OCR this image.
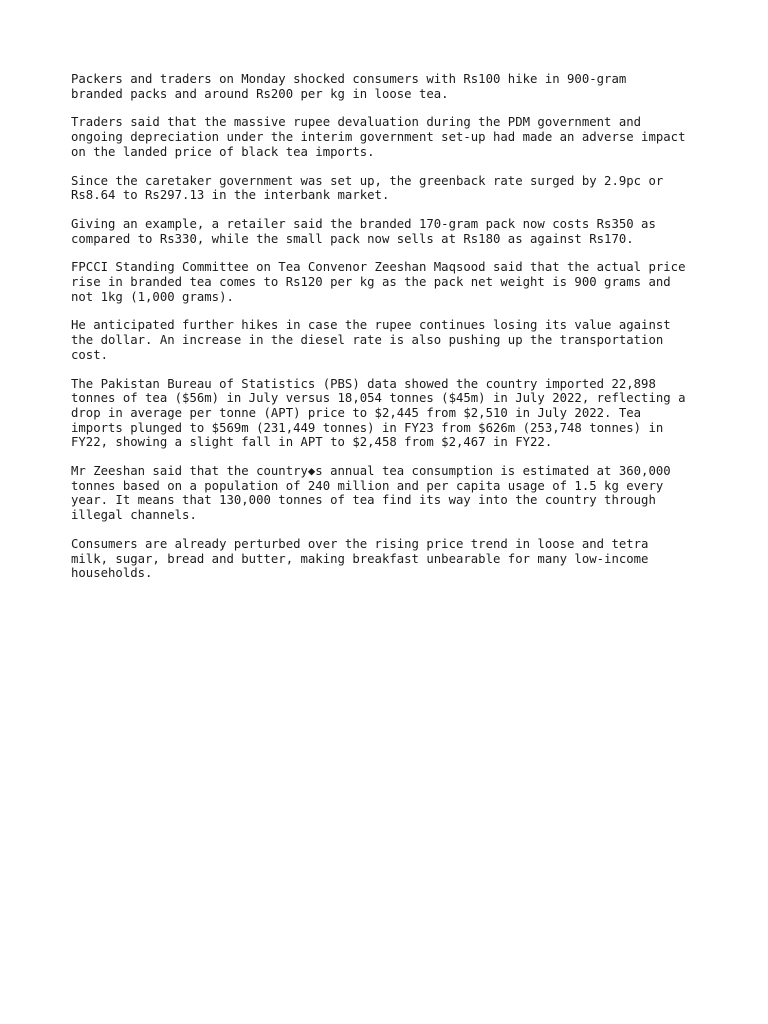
Packers and traders on Monday shocked consumers with Rs100 hike in 900-gram
branded packs and around Rs200 per kg in loose tea.

Traders said that the massive rupee devaluation during the PDM government and
ongoing depreciation under the interim government set-up had made an adverse impact
on the landed price of black tea imports.

Since the caretaker government was set up, the greenback rate surged by 2.9pc or
Rs8.64 to Rs297.13 in the interbank market.

Giving an example, a retailer said the branded 170-gram pack now costs Rs350 as
compared to Rs330, while the small pack now sells at Rs180 as against Rs170.

FPCCI Standing Committee on Tea Convenor Zeeshan Maqsood said that the actual price
rise in branded tea comes to Rs120 per kg as the pack net weight is 900 grams and
not 1kg (1,000 grams).

He anticipated further hikes in case the rupee continues losing its value against
the dollar. An increase in the diesel rate is also pushing up the transportation
cost.

The Pakistan Bureau of Statistics (PBS) data showed the country imported 22,898
tonnes of tea ($56m) in July versus 18,054 tonnes ($45m) in July 2022, reflecting a
drop in average per tonne (APT) price to $2,445 from $2,510 in July 2022. Tea
imports plunged to $569m (231,449 tonnes) in FY23 from $626m (253,748 tonnes) in
FY22, showing a slight fall in APT to $2,458 from $2,467 in FY22.

Mr Zeeshan said that the country◆s annual tea consumption is estimated at 360,000
tonnes based on a population of 240 million and per capita usage of 1.5 kg every
year. It means that 130,000 tonnes of tea find its way into the country through
illegal channels.

Consumers are already perturbed over the rising price trend in loose and tetra
milk, sugar, bread and butter, making breakfast unbearable for many low-income
households.
